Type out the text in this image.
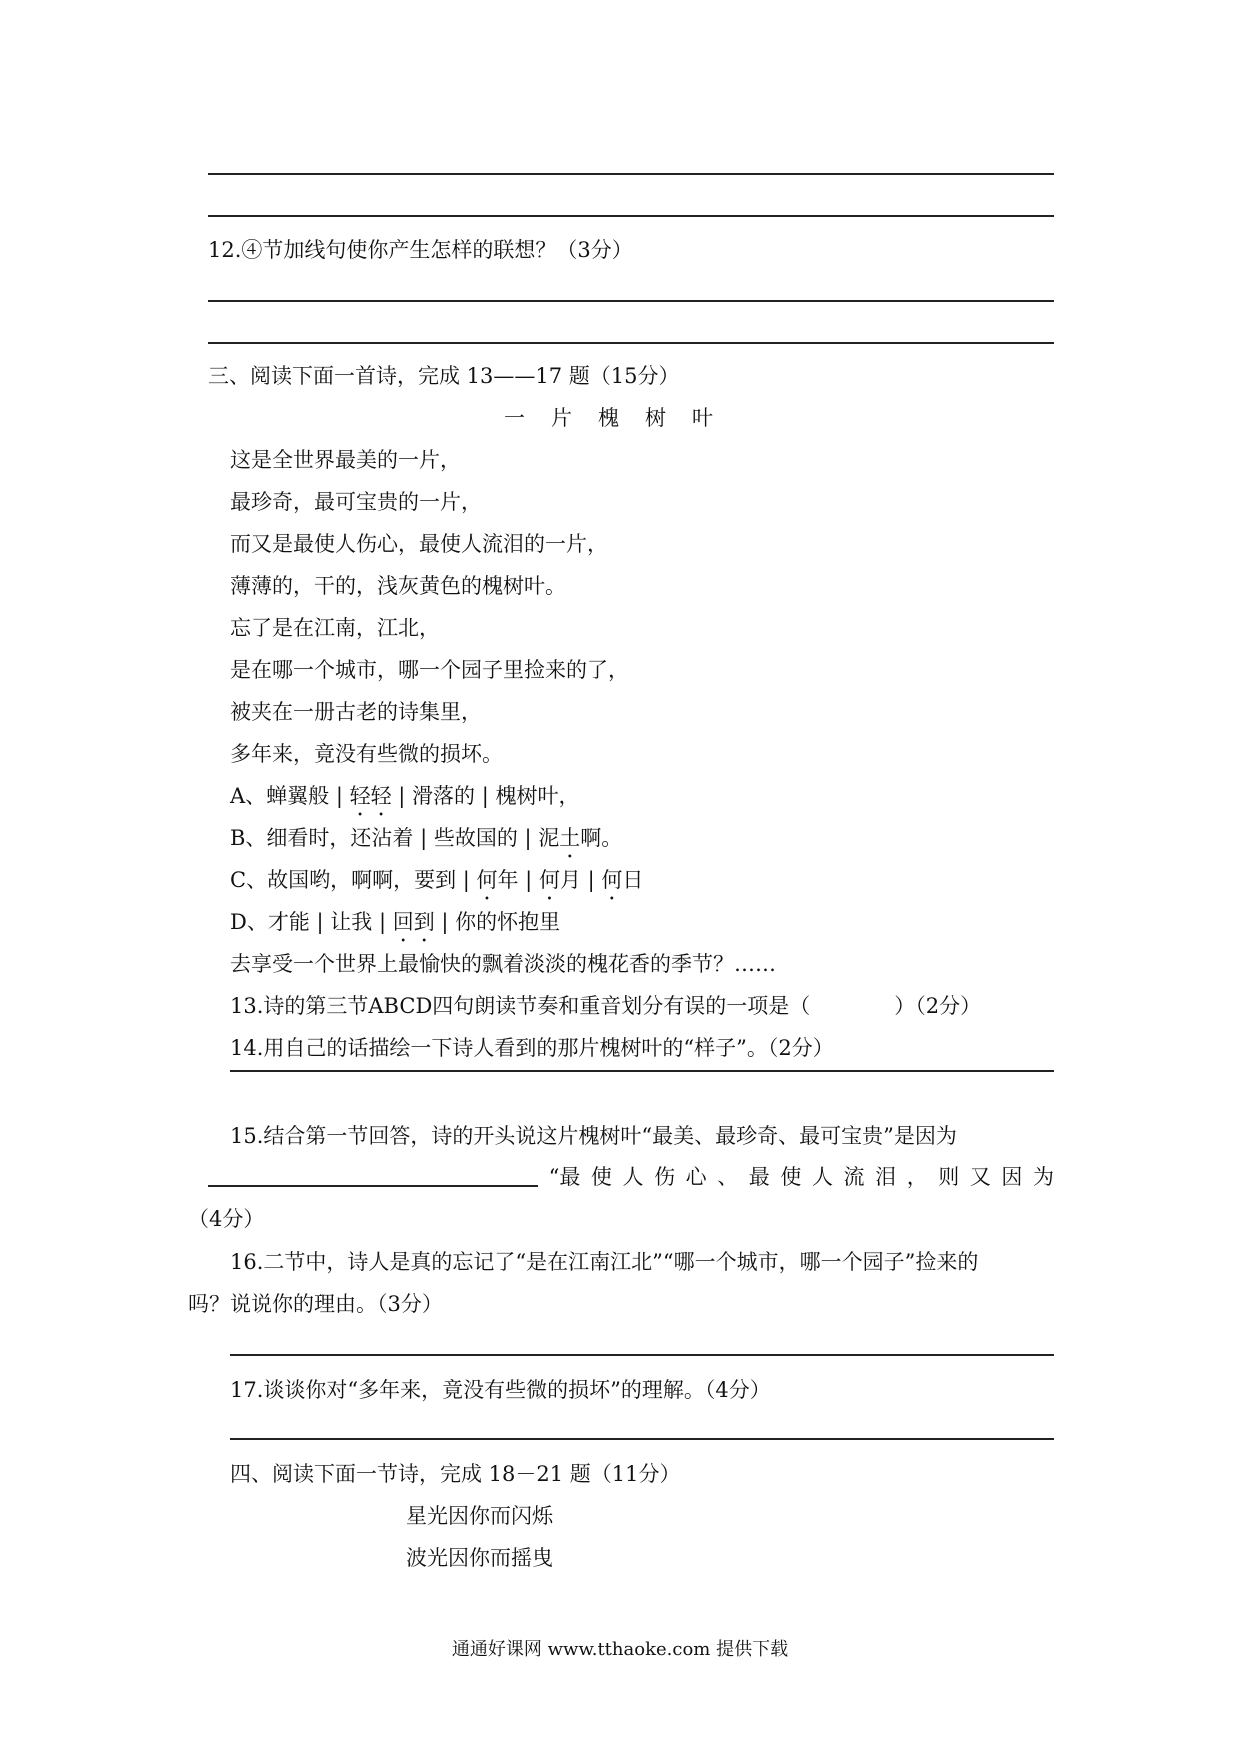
12.④节加线句使你产生怎样的联想？（3分）
三、阅读下面一首诗，完成 13——17 题（15分）
一片槐树叶
这是全世界最美的一片，
最珍奇，最可宝贵的一片，
而又是最使人伤心，最使人流泪的一片，
薄薄的，干的，浅灰黄色的槐树叶。
忘了是在江南，江北，
是在哪一个城市，哪一个园子里捡来的了，
被夹在一册古老的诗集里，
多年来，竟没有些微的损坏。
A、蝉翼般 | 轻轻 | 滑落的 | 槐树叶，
B、细看时，还沾着 | 些故国的 | 泥土啊。
C、故国哟，啊啊，要到 | 何年 | 何月 | 何日
D、才能 | 让我 | 回到 | 你的怀抱里
去享受一个世界上最愉快的飘着淡淡的槐花香的季节？……
13.诗的第三节ABCD四句朗读节奏和重音划分有误的一项是（　　　　）（2分）
14.用自己的话描绘一下诗人看到的那片槐树叶的“样子”。（2分）
15.结合第一节回答，诗的开头说这片槐树叶“最美、最珍奇、最可宝贵”是因为
“最 使 人 伤 心 、 最 使 人 流 泪 ， 则 又 因 为
（4分）
16.二节中，诗人是真的忘记了“是在江南江北”“哪一个城市，哪一个园子”捡来的
吗？说说你的理由。（3分）
17.谈谈你对“多年来，竟没有些微的损坏”的理解。（4分）
四、阅读下面一节诗，完成 18－21 题（11分）
星光因你而闪烁
波光因你而摇曳
通通好课网 www.tthaoke.com 提供下载
